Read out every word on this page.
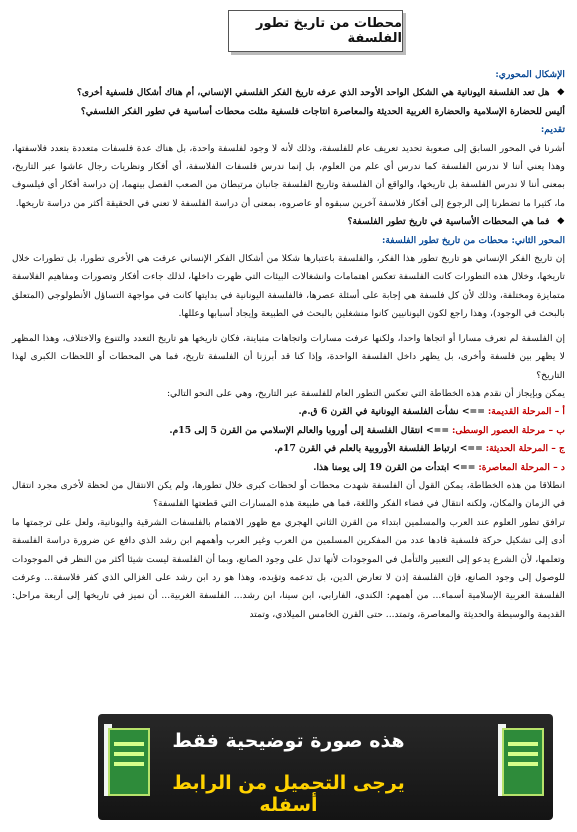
محطات من تاريخ تطور الفلسفة
الإشكال المحوري:
❖ هل تعد الفلسفة اليونانية هي الشكل الواحد الأوحد الذي عرفه تاريخ الفكر الفلسفي الإنساني، أم هناك أشكال فلسفية أخرى؟
أليس للحضارة الإسلامية والحضارة الغربية الحديثة والمعاصرة انتاجات فلسفية مثلت محطات أساسية في تطور الفكر الفلسفي؟
تقديم:
أشرنا في المحور السابق إلى صعوبة تحديد تعريف عام للفلسفة، وذلك لأنه لا وجود لفلسفة واحدة، بل هناك عدة فلسفات متعددة بتعدد فلاسفتها، وهذا يعني أننا لا ندرس الفلسفة كما ندرس أي علم من العلوم، بل إنما ندرس فلسفات الفلاسفة، أي أفكار ونظريات رجال عاشوا عبر التاريخ، بمعنى أننا لا ندرس الفلسفة بل تاريخها، والواقع أن الفلسفة وتاريخ الفلسفة جانبان مرتبطان من الصعب الفصل بينهما، إن دراسة أفكار أي فيلسوف ما، كثيرا ما تضطرنا إلى الرجوع إلى أفكار فلاسفة آخرين سبقوه أو عاصروه، بمعنى أن دراسة الفلسفة لا تعني في الحقيقة أكثر من دراسة تاريخها.
❖ فما هي المحطات الأساسية في تاريخ تطور الفلسفة؟
المحور الثاني: محطات من تاريخ تطور الفلسفة:
إن تاريخ الفكر الإنساني هو تاريخ تطور هذا الفكر، والفلسفة باعتبارها شكلا من أشكال الفكر الإنساني عرفت هي الأخرى تطورا، بل تطورات خلال تاريخها، وخلال هذه التطورات كانت الفلسفة تعكس اهتمامات وانشغالات البيئات التي ظهرت داخلها، لذلك جاءت أفكار وتصورات ومفاهيم الفلاسفة متمايزة ومختلفة، وذلك لأن كل فلسفة هي إجابة على أسئلة عصرها، فالفلسفة اليونانية في بدايتها كانت في مواجهة التساؤل الأنطولوجي (المتعلق بالبحث في الوجود)، وهذا راجع لكون اليونانيين كانوا منشغلين بالبحث في الطبيعة وإيجاد أسبابها وعللها.
إن الفلسفة لم تعرف مسارا أو اتجاها واحدا، ولكنها عرفت مسارات واتجاهات متباينة، فكان تاريخها هو تاريخ التعدد والتنوع والاختلاف، وهذا المظهر لا يظهر بين فلسفة وأخرى، بل يظهر داخل الفلسفة الواحدة، وإذا كنا قد أبرزنا أن الفلسفة تاريخ، فما هي المحطات أو اللحظات الكبرى لهذا التاريخ؟
يمكن وبإيجاز أن نقدم هذه الخطاطة التي تعكس التطور العام للفلسفة عبر التاريخ، وهي على النحو التالي:
أ – المرحلة القديمة: ==> نشأت الفلسفة اليونانية في القرن 6 ق.م.
ب – مرحلة العصور الوسطى: ==> انتقال الفلسفة إلى أوروبا والعالم الإسلامي من القرن 5 إلى 15م.
ج – المرحلة الحديثة: ==> ارتباط الفلسفة الأوروبية بالعلم في القرن 17م.
د – المرحلة المعاصرة: ==> ابتدأت من القرن 19 إلى يومنا هذا.
انطلاقا من هذه الخطاطة، يمكن القول أن الفلسفة شهدت محطات أو لحظات كبرى خلال تطورها، ولم يكن الانتقال من لحظة لأخرى مجرد انتقال في الزمان والمكان، ولكنه انتقال في فضاء الفكر واللغة، فما هي طبيعة هذه المسارات التي قطعتها الفلسفة؟
ترافق تطور العلوم عند العرب والمسلمين ابتداء من القرن الثاني الهجري مع ظهور الاهتمام بالفلسفات الشرقية واليونانية، ولعل على ترجمتها ما أدى إلى تشكيل حركة فلسفية قادها عدد من المفكرين المسلمين من العرب وغير العرب وأهمهم ابن رشد الذي دافع عن ضرورة دراسة الفلسفة وتعلمها، لأن الشرع يدعو إلى التعبير والتأمل في الموجودات لأنها تدل على وجود الصانع، وبما أن الفلسفة ليست شيئا أكثر من النظر في الموجودات للوصول إلى وجود الصانع، فإن الفلسفة إذن لا تعارض الدين، بل تدعمه وتؤيده، وهذا هو رد ابن رشد على الغزالي الذي كفر فلاسفة... وعرفت الفلسفة العربية الإسلامية أسماء... من أهمهم: الكندي، الفارابي، ابن سينا، ابن رشد... الفلسفة الغربية... أن نميز في تاريخها إلى أربعة مراحل: القديمة والوسيطة والحديثة والمعاصرة، وتمتد... حتى القرن الخامس الميلادي، وتمتد
هذه صورة توضيحية فقط
يرجى التحميل من الرابط أسفله
